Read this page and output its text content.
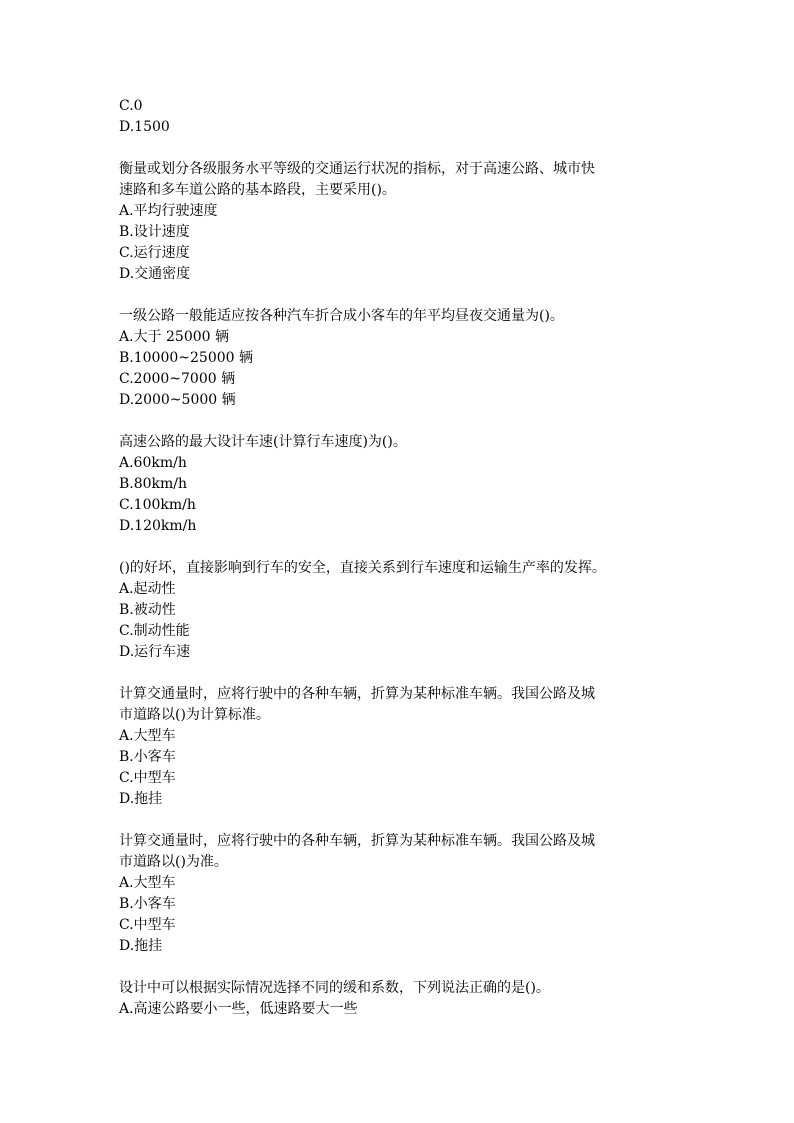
C.0
D.1500
衡量或划分各级服务水平等级的交通运行状况的指标，对于高速公路、城市快
速路和多车道公路的基本路段，主要采用()。
A.平均行驶速度
B.设计速度
C.运行速度
D.交通密度
一级公路一般能适应按各种汽车折合成小客车的年平均昼夜交通量为()。
A.大于 25000 辆
B.10000~25000 辆
C.2000~7000 辆
D.2000~5000 辆
高速公路的最大设计车速(计算行车速度)为()。
A.60km/h
B.80km/h
C.100km/h
D.120km/h
()的好坏，直接影响到行车的安全，直接关系到行车速度和运输生产率的发挥。
A.起动性
B.被动性
C.制动性能
D.运行车速
计算交通量时，应将行驶中的各种车辆，折算为某种标准车辆。我国公路及城
市道路以()为计算标准。
A.大型车
B.小客车
C.中型车
D.拖挂
计算交通量时，应将行驶中的各种车辆，折算为某种标准车辆。我国公路及城
市道路以()为准。
A.大型车
B.小客车
C.中型车
D.拖挂
设计中可以根据实际情况选择不同的缓和系数，下列说法正确的是()。
A.高速公路要小一些，低速路要大一些
